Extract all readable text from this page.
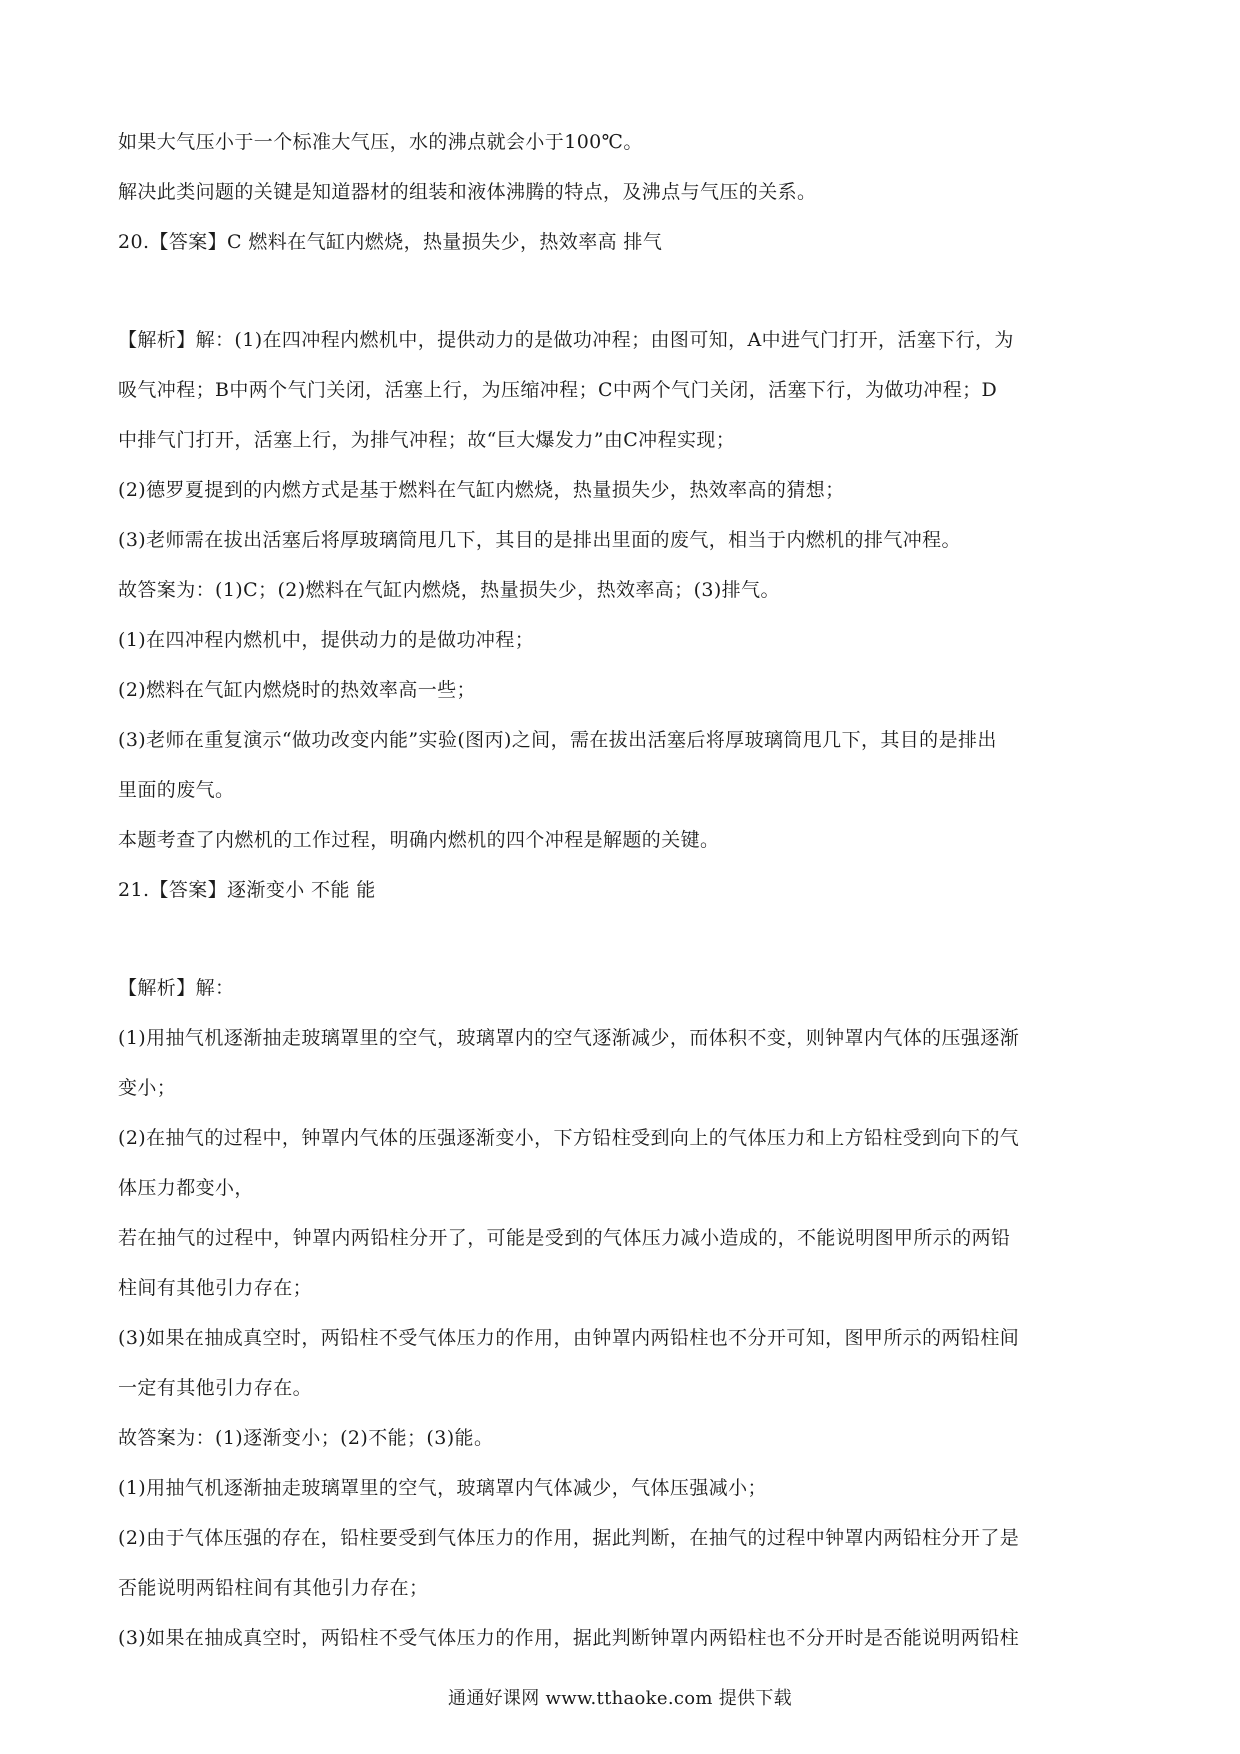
如果大气压小于一个标准大气压，水的沸点就会小于100℃。
解决此类问题的关键是知道器材的组装和液体沸腾的特点，及沸点与气压的关系。
20.【答案】C 燃料在气缸内燃烧，热量损失少，热效率高 排气
【解析】解：(1)在四冲程内燃机中，提供动力的是做功冲程；由图可知，A中进气门打开，活塞下行，为
吸气冲程；B中两个气门关闭，活塞上行，为压缩冲程；C中两个气门关闭，活塞下行，为做功冲程；D
中排气门打开，活塞上行，为排气冲程；故“巨大爆发力”由C冲程实现；
(2)德罗夏提到的内燃方式是基于燃料在气缸内燃烧，热量损失少，热效率高的猜想；
(3)老师需在拔出活塞后将厚玻璃筒甩几下，其目的是排出里面的废气，相当于内燃机的排气冲程。
故答案为：(1)C；(2)燃料在气缸内燃烧，热量损失少，热效率高；(3)排气。
(1)在四冲程内燃机中，提供动力的是做功冲程；
(2)燃料在气缸内燃烧时的热效率高一些；
(3)老师在重复演示“做功改变内能”实验(图丙)之间，需在拔出活塞后将厚玻璃筒甩几下，其目的是排出
里面的废气。
本题考查了内燃机的工作过程，明确内燃机的四个冲程是解题的关键。
21.【答案】逐渐变小 不能 能
【解析】解：
(1)用抽气机逐渐抽走玻璃罩里的空气，玻璃罩内的空气逐渐减少，而体积不变，则钟罩内气体的压强逐渐
变小；
(2)在抽气的过程中，钟罩内气体的压强逐渐变小，下方铅柱受到向上的气体压力和上方铅柱受到向下的气
体压力都变小，
若在抽气的过程中，钟罩内两铅柱分开了，可能是受到的气体压力减小造成的，不能说明图甲所示的两铅
柱间有其他引力存在；
(3)如果在抽成真空时，两铅柱不受气体压力的作用，由钟罩内两铅柱也不分开可知，图甲所示的两铅柱间
一定有其他引力存在。
故答案为：(1)逐渐变小；(2)不能；(3)能。
(1)用抽气机逐渐抽走玻璃罩里的空气，玻璃罩内气体减少，气体压强减小；
(2)由于气体压强的存在，铅柱要受到气体压力的作用，据此判断，在抽气的过程中钟罩内两铅柱分开了是
否能说明两铅柱间有其他引力存在；
(3)如果在抽成真空时，两铅柱不受气体压力的作用，据此判断钟罩内两铅柱也不分开时是否能说明两铅柱
通通好课网 www.tthaoke.com 提供下载
